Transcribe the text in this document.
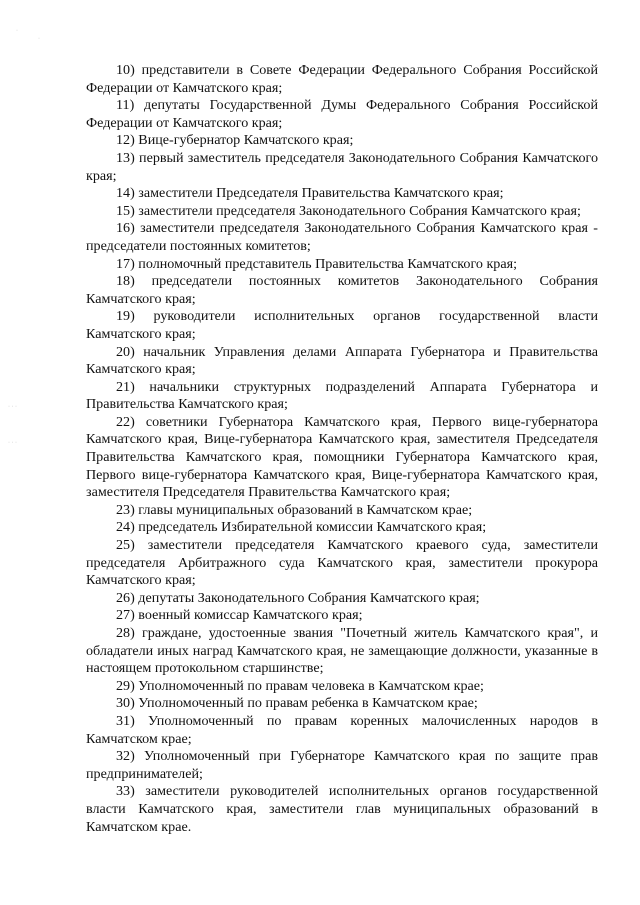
·
·
· · ·
· · ·

10) представители в Совете Федерации Федерального Собрания Российской Федерации от Камчатского края;

11) депутаты Государственной Думы Федерального Собрания Российской Федерации от Камчатского края;

12) Вице-губернатор Камчатского края;

13) первый заместитель председателя Законодательного Собрания Камчатского края;

14) заместители Председателя Правительства Камчатского края;

15) заместители председателя Законодательного Собрания Камчатского края;

16) заместители председателя Законодательного Собрания Камчатского края - председатели постоянных комитетов;

17) полномочный представитель Правительства Камчатского края;

18) председатели постоянных комитетов Законодательного Собрания Камчатского края;

19) руководители исполнительных органов государственной власти Камчатского края;

20) начальник Управления делами Аппарата Губернатора и Правительства Камчатского края;

21) начальники структурных подразделений Аппарата Губернатора и Правительства Камчатского края;

22) советники Губернатора Камчатского края, Первого вице-губернатора Камчатского края, Вице-губернатора Камчатского края, заместителя Председателя Правительства Камчатского края, помощники Губернатора Камчатского края, Первого вице-губернатора Камчатского края, Вице-губернатора Камчатского края, заместителя Председателя Правительства Камчатского края;

23) главы муниципальных образований в Камчатском крае;

24) председатель Избирательной комиссии Камчатского края;

25) заместители председателя Камчатского краевого суда, заместители председателя Арбитражного суда Камчатского края, заместители прокурора Камчатского края;

26) депутаты Законодательного Собрания Камчатского края;

27) военный комиссар Камчатского края;

28) граждане, удостоенные звания "Почетный житель Камчатского края", и обладатели иных наград Камчатского края, не замещающие должности, указанные в настоящем протокольном старшинстве;

29) Уполномоченный по правам человека в Камчатском крае;

30) Уполномоченный по правам ребенка в Камчатском крае;

31) Уполномоченный по правам коренных малочисленных народов в Камчатском крае;

32) Уполномоченный при Губернаторе Камчатского края по защите прав предпринимателей;

33) заместители руководителей исполнительных органов государственной власти Камчатского края, заместители глав муниципальных образований в Камчатском крае.
